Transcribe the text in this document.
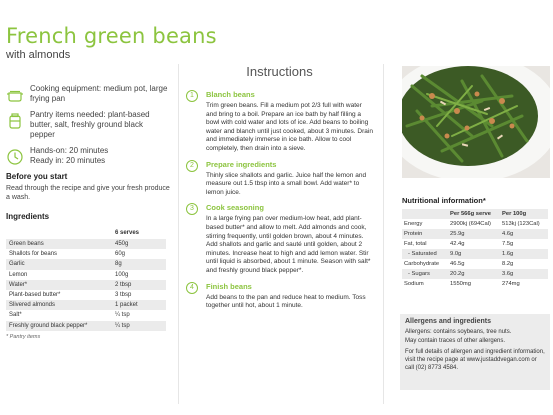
French green beans
with almonds
Cooking equipment: medium pot, large frying pan
Pantry items needed: plant-based butter, salt, freshly ground black pepper
Hands-on: 20 minutes
Ready in: 20 minutes
Before you start
Read through the recipe and give your fresh produce a wash.
Ingredients
	6 serves
Green beans	450g
Shallots for beans	60g
Garlic	8g
Lemon	100g
Water*	2 tbsp
Plant-based butter*	3 tbsp
Slivered almonds	1 packet
Salt*	¼ tsp
Freshly ground black pepper*	¼ tsp
* Pantry items
Instructions
1	Blanch beans
Trim green beans. Fill a medium pot 2/3 full with water and bring to a boil. Prepare an ice bath by half filling a bowl with cold water and lots of ice. Add beans to boiling water and blanch until just cooked, about 3 minutes. Drain and immediately immerse in ice bath. Allow to cool completely, then drain into a sieve.
2	Prepare ingredients
Thinly slice shallots and garlic. Juice half the lemon and measure out 1.5 tbsp into a small bowl. Add water* to lemon juice.
3	Cook seasoning
In a large frying pan over medium-low heat, add plant-based butter* and allow to melt. Add almonds and cook, stirring frequently, until golden brown, about 4 minutes. Add shallots and garlic and sauté until golden, about 2 minutes. Increase heat to high and add lemon water. Stir until liquid is absorbed, about 1 minute. Season with salt* and freshly ground black pepper*.
4	Finish beans
Add beans to the pan and reduce heat to medium. Toss together until hot, about 1 minute.
Nutritional information*
	Per 566g serve	Per 100g
Energy	2900kj (694Cal)	513kj (123Cal)
Protein	25.9g	4.6g
Fat, total	42.4g	7.5g
- Saturated	9.0g	1.6g
Carbohydrate	46.5g	8.2g
- Sugars	20.2g	3.6g
Sodium	1550mg	274mg
Allergens and ingredients
Allergens: contains soybeans, tree nuts.
May contain traces of other allergens.
For full details of allergen and ingredient information, visit the recipe page at www.justaddvegan.com or call (02) 8773 4584.
